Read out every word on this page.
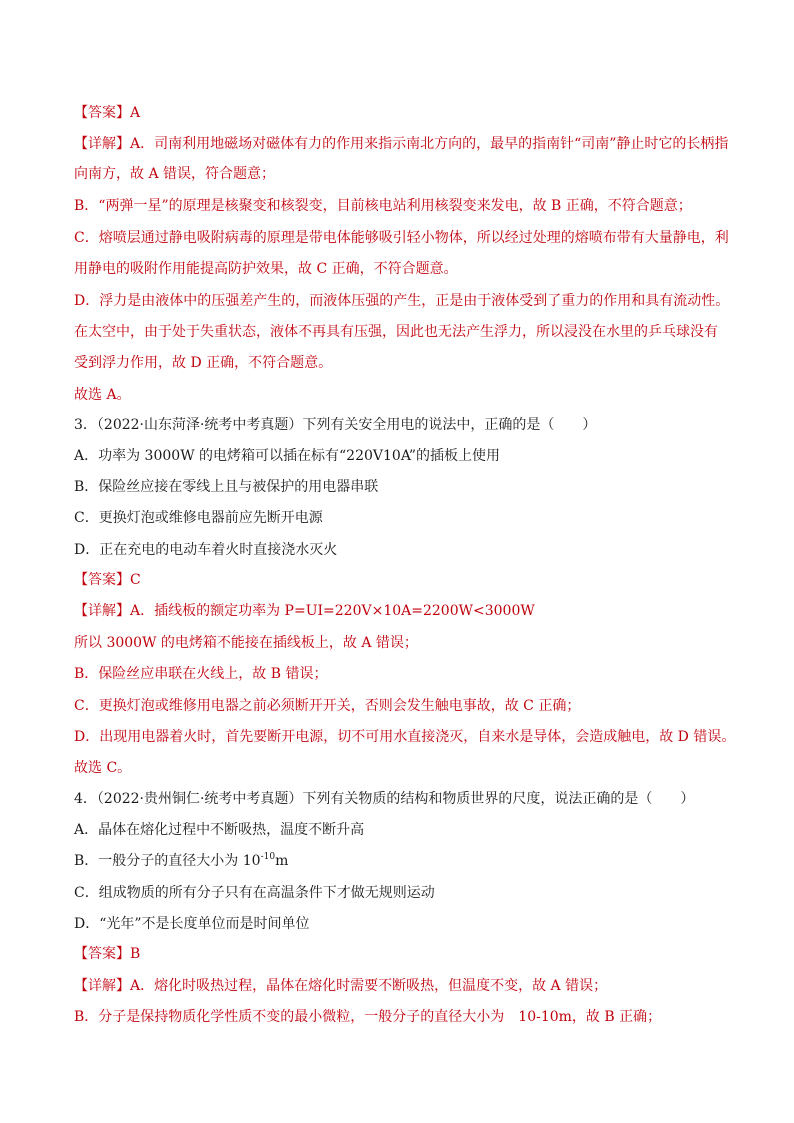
【答案】A
【详解】A．司南利用地磁场对磁体有力的作用来指示南北方向的，最早的指南针“司南”静止时它的长柄指
向南方，故 A 错误，符合题意；
B．“两弹一星”的原理是核聚变和核裂变，目前核电站利用核裂变来发电，故 B 正确，不符合题意；
C．熔喷层通过静电吸附病毒的原理是带电体能够吸引轻小物体，所以经过处理的熔喷布带有大量静电，利
用静电的吸附作用能提高防护效果，故 C 正确，不符合题意。
D．浮力是由液体中的压强差产生的，而液体压强的产生，正是由于液体受到了重力的作用和具有流动性。
在太空中，由于处于失重状态，液体不再具有压强，因此也无法产生浮力，所以浸没在水里的乒乓球没有
受到浮力作用，故 D 正确，不符合题意。
故选 A。
3．（2022·山东菏泽·统考中考真题）下列有关安全用电的说法中，正确的是（　　）
A．功率为 3000W 的电烤箱可以插在标有“220V10A”的插板上使用
B．保险丝应接在零线上且与被保护的用电器串联
C．更换灯泡或维修电器前应先断开电源
D．正在充电的电动车着火时直接浇水灭火
【答案】C
【详解】A．插线板的额定功率为 P=UI=220V×10A=2200W<3000W
所以 3000W 的电烤箱不能接在插线板上，故 A 错误；
B．保险丝应串联在火线上，故 B 错误；
C．更换灯泡或维修用电器之前必须断开开关，否则会发生触电事故，故 C 正确；
D．出现用电器着火时，首先要断开电源，切不可用水直接浇灭，自来水是导体，会造成触电，故 D 错误。
故选 C。
4．（2022·贵州铜仁·统考中考真题）下列有关物质的结构和物质世界的尺度，说法正确的是（　　）
A．晶体在熔化过程中不断吸热，温度不断升高
B．一般分子的直径大小为 $10^{-10}m$
C．组成物质的所有分子只有在高温条件下才做无规则运动
D．“光年”不是长度单位而是时间单位
【答案】B
【详解】A．熔化时吸热过程，晶体在熔化时需要不断吸热，但温度不变，故 A 错误；
B．分子是保持物质化学性质不变的最小微粒，一般分子的直径大小为　10-10m，故 B 正确；
